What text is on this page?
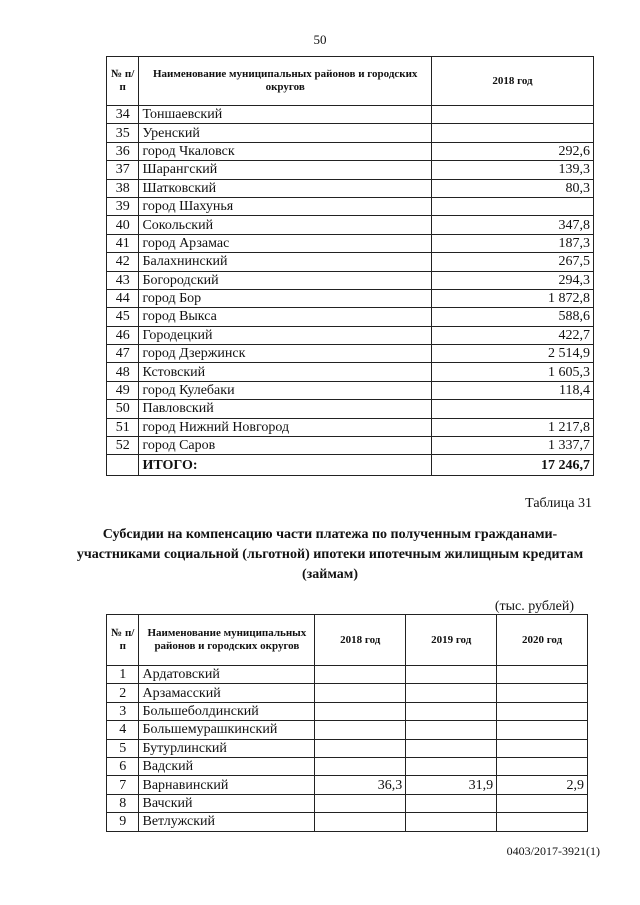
50
№ п/п	Наименование муниципальных районов и городских округов	2018 год
34	Тоншаевский	
35	Уренский	
36	город Чкаловск	292,6
37	Шарангский	139,3
38	Шатковский	80,3
39	город Шахунья	
40	Сокольский	347,8
41	город Арзамас	187,3
42	Балахнинский	267,5
43	Богородский	294,3
44	город Бор	1 872,8
45	город Выкса	588,6
46	Городецкий	422,7
47	город Дзержинск	2 514,9
48	Кстовский	1 605,3
49	город Кулебаки	118,4
50	Павловский	
51	город Нижний Новгород	1 217,8
52	город Саров	1 337,7
	ИТОГО:	17 246,7
Таблица 31
Субсидии на компенсацию части платежа по полученным гражданами-участниками социальной (льготной) ипотеки ипотечным жилищным кредитам (займам)
(тыс. рублей)
№ п/п	Наименование муниципальных районов и городских округов	2018 год	2019 год	2020 год
1	Ардатовский			
2	Арзамасский			
3	Большеболдинский			
4	Большемурашкинский			
5	Бутурлинский			
6	Вадский			
7	Варнавинский	36,3	31,9	2,9
8	Вачский			
9	Ветлужский			
0403/2017-3921(1)
